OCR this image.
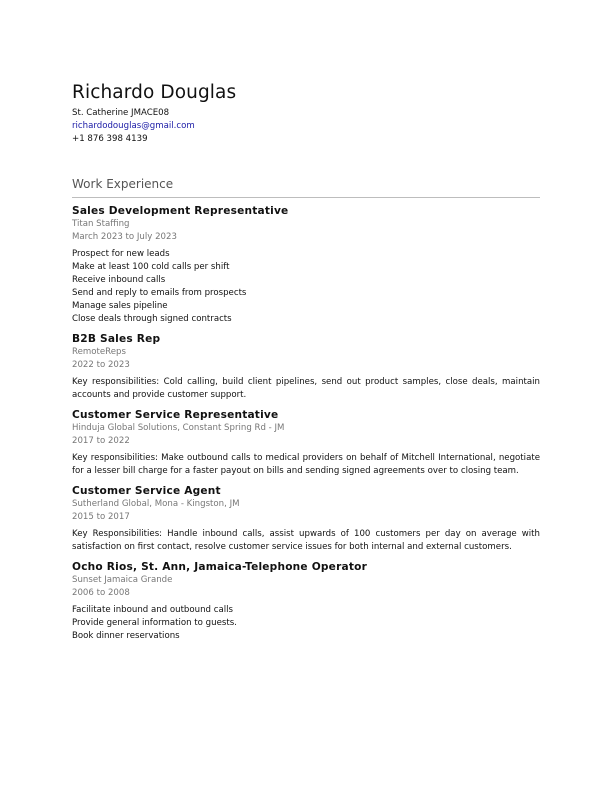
Richardo Douglas
St. Catherine JMACE08
richardodouglas@gmail.com
+1 876 398 4139
Work Experience
Sales Development Representative
Titan Staffing
March 2023 to July 2023
Prospect for new leads
Make at least 100 cold calls per shift
Receive inbound calls
Send and reply to emails from prospects
Manage sales pipeline
Close deals through signed contracts
B2B Sales Rep
RemoteReps
2022 to 2023
Key responsibilities: Cold calling, build client pipelines, send out product samples, close deals, maintain accounts and provide customer support.
Customer Service Representative
Hinduja Global Solutions, Constant Spring Rd - JM
2017 to 2022
Key responsibilities: Make outbound calls to medical providers on behalf of Mitchell International, negotiate for a lesser bill charge for a faster payout on bills and sending signed agreements over to closing team.
Customer Service Agent
Sutherland Global, Mona - Kingston, JM
2015 to 2017
Key Responsibilities: Handle inbound calls, assist upwards of 100 customers per day on average with satisfaction on first contact, resolve customer service issues for both internal and external customers.
Ocho Rios, St. Ann, Jamaica-Telephone Operator
Sunset Jamaica Grande
2006 to 2008
Facilitate inbound and outbound calls
Provide general information to guests.
Book dinner reservations
